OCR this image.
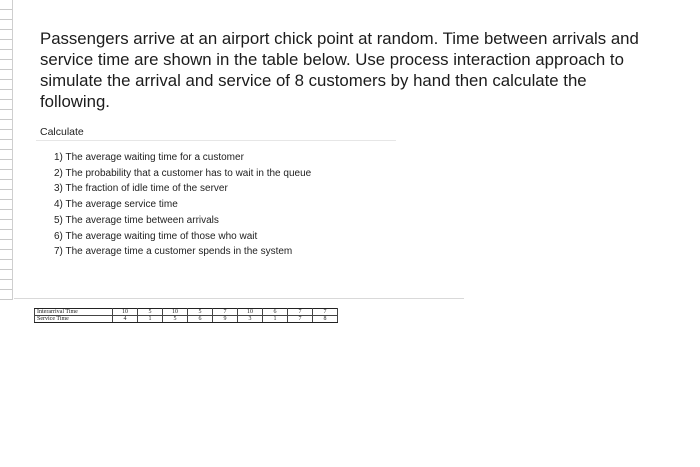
Passengers arrive at an airport chick point at random. Time between arrivals and service time are shown in the table below. Use process interaction approach to simulate the arrival and service of 8 customers by hand then calculate the following.

Calculate
1) The average waiting time for a customer
2) The probability that a customer has to wait in the queue
3) The fraction of idle time of the server
4) The average service time
5) The average time between arrivals
6) The average waiting time of those who wait
7) The average time a customer spends in the system
Interarrival Time	10	5	10	5	7	10	6	7	7
Service Time	4	1	5	6	9	3	1	7	8
